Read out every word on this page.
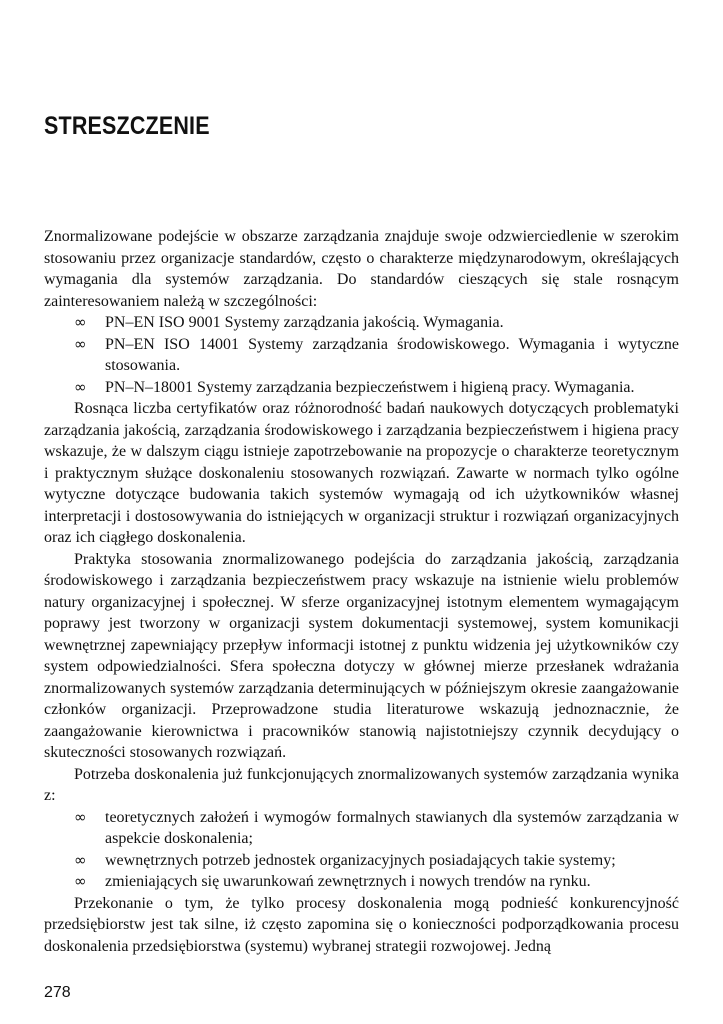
STRESZCZENIE

Znormalizowane podejście w obszarze zarządzania znajduje swoje odzwierciedlenie w szerokim stosowaniu przez organizacje standardów, często o charakterze międzynarodowym, określających wymagania dla systemów zarządzania. Do standardów cieszących się stale rosnącym zainteresowaniem należą w szczególności:

∞ PN–EN ISO 9001 Systemy zarządzania jakością. Wymagania.
∞ PN–EN ISO 14001 Systemy zarządzania środowiskowego. Wymagania i wytyczne stosowania.
∞ PN–N–18001 Systemy zarządzania bezpieczeństwem i higieną pracy. Wymagania.

Rosnąca liczba certyfikatów oraz różnorodność badań naukowych dotyczących problematyki zarządzania jakością, zarządzania środowiskowego i zarządzania bezpieczeństwem i higiena pracy wskazuje, że w dalszym ciągu istnieje zapotrzebowanie na propozycje o charakterze teoretycznym i praktycznym służące doskonaleniu stosowanych rozwiązań. Zawarte w normach tylko ogólne wytyczne dotyczące budowania takich systemów wymagają od ich użytkowników własnej interpretacji i dostosowywania do istniejących w organizacji struktur i rozwiązań organizacyjnych oraz ich ciągłego doskonalenia.

Praktyka stosowania znormalizowanego podejścia do zarządzania jakością, zarządzania środowiskowego i zarządzania bezpieczeństwem pracy wskazuje na istnienie wielu problemów natury organizacyjnej i społecznej. W sferze organizacyjnej istotnym elementem wymagającym poprawy jest tworzony w organizacji system dokumentacji systemowej, system komunikacji wewnętrznej zapewniający przepływ informacji istotnej z punktu widzenia jej użytkowników czy system odpowiedzialności. Sfera społeczna dotyczy w głównej mierze przesłanek wdrażania znormalizowanych systemów zarządzania determinujących w późniejszym okresie zaangażowanie członków organizacji. Przeprowadzone studia literaturowe wskazują jednoznacznie, że zaangażowanie kierownictwa i pracowników stanowią najistotniejszy czynnik decydujący o skuteczności stosowanych rozwiązań.

Potrzeba doskonalenia już funkcjonujących znormalizowanych systemów zarządzania wynika z:

∞ teoretycznych założeń i wymogów formalnych stawianych dla systemów zarządzania w aspekcie doskonalenia;
∞ wewnętrznych potrzeb jednostek organizacyjnych posiadających takie systemy;
∞ zmieniających się uwarunkowań zewnętrznych i nowych trendów na rynku.

Przekonanie o tym, że tylko procesy doskonalenia mogą podnieść konkurencyjność przedsiębiorstw jest tak silne, iż często zapomina się o konieczności podporządkowania procesu doskonalenia przedsiębiorstwa (systemu) wybranej strategii rozwojowej. Jedną

278
